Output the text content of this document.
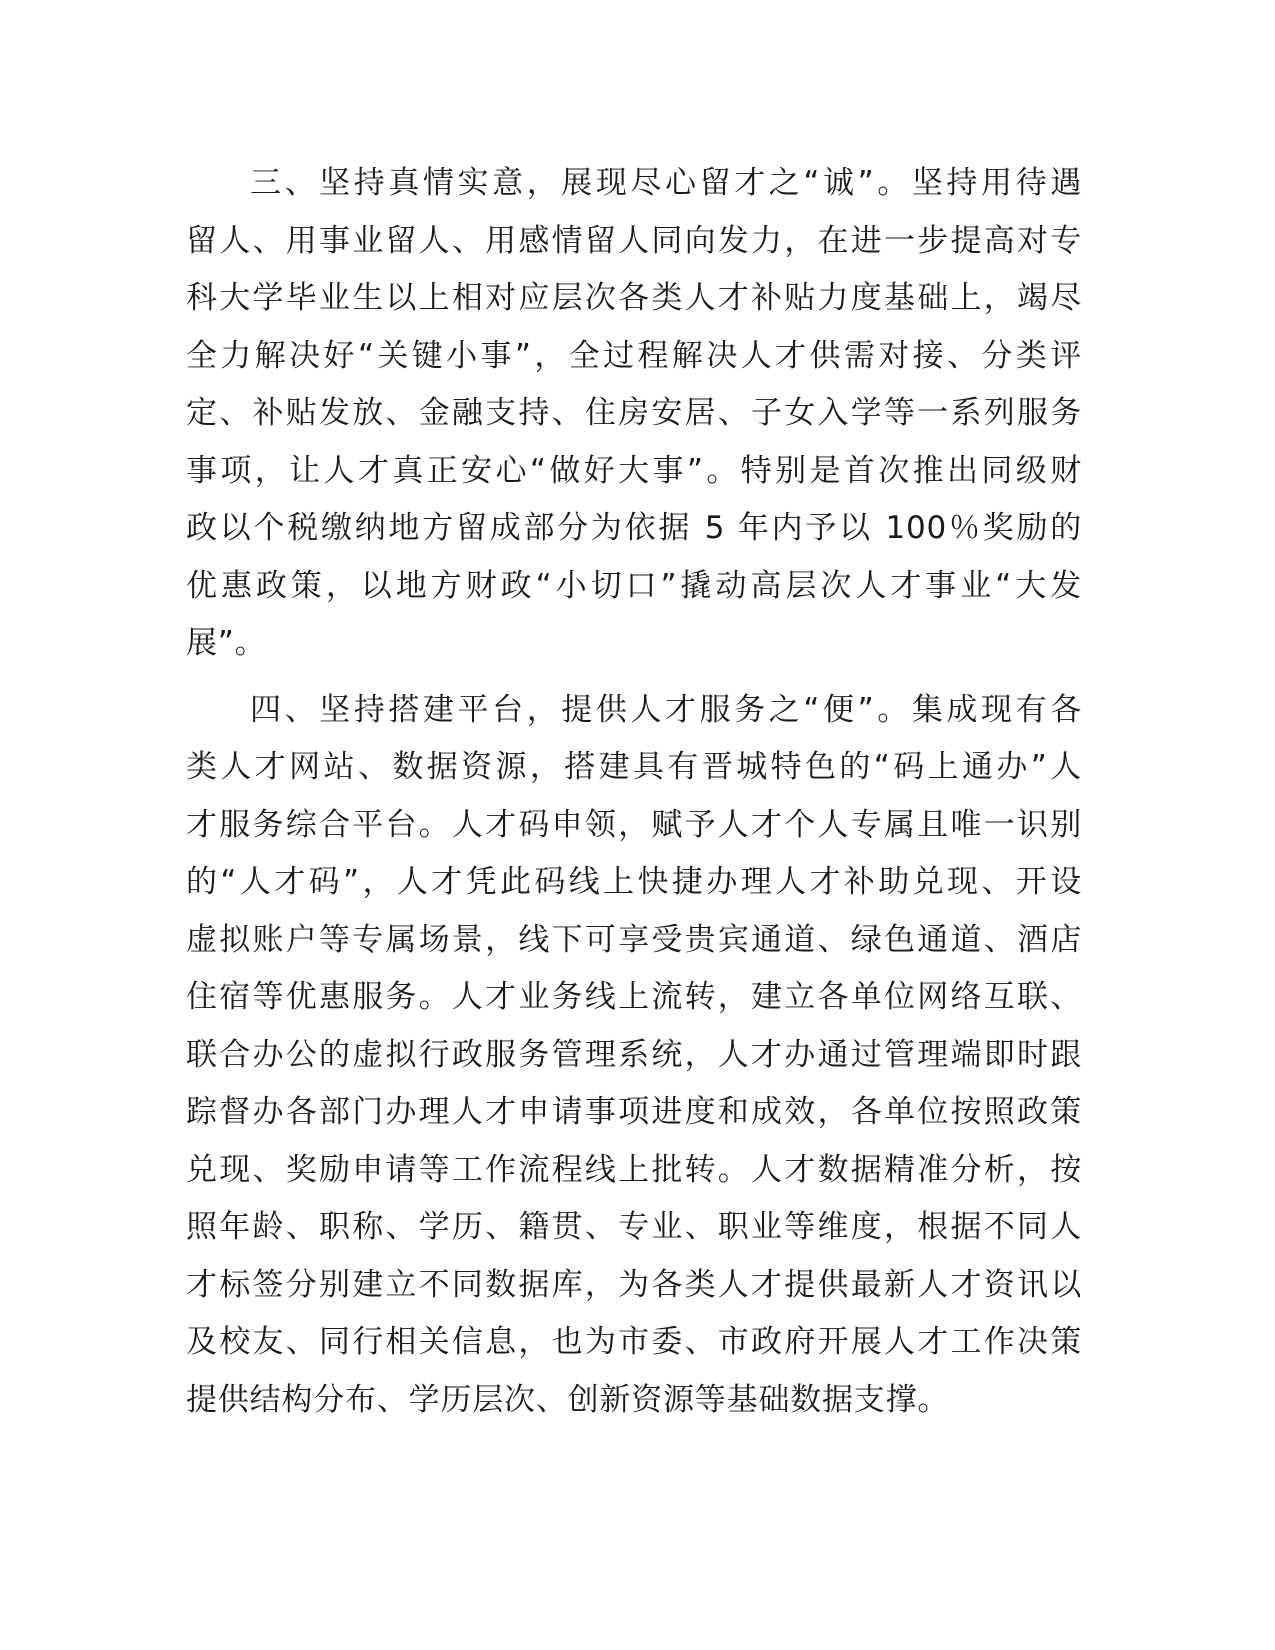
三、坚持真情实意，展现尽心留才之“诚”。坚持用待遇
留人、用事业留人、用感情留人同向发力，在进一步提高对专
科大学毕业生以上相对应层次各类人才补贴力度基础上，竭尽
全力解决好“关键小事”，全过程解决人才供需对接、分类评
定、补贴发放、金融支持、住房安居、子女入学等一系列服务
事项，让人才真正安心“做好大事”。特别是首次推出同级财
政以个税缴纳地方留成部分为依据 5 年内予以 100％奖励的
优惠政策，以地方财政“小切口”撬动高层次人才事业“大发
展”。

四、坚持搭建平台，提供人才服务之“便”。集成现有各
类人才网站、数据资源，搭建具有晋城特色的“码上通办”人
才服务综合平台。人才码申领，赋予人才个人专属且唯一识别
的“人才码”，人才凭此码线上快捷办理人才补助兑现、开设
虚拟账户等专属场景，线下可享受贵宾通道、绿色通道、酒店
住宿等优惠服务。人才业务线上流转，建立各单位网络互联、
联合办公的虚拟行政服务管理系统，人才办通过管理端即时跟
踪督办各部门办理人才申请事项进度和成效，各单位按照政策
兑现、奖励申请等工作流程线上批转。人才数据精准分析，按
照年龄、职称、学历、籍贯、专业、职业等维度，根据不同人
才标签分别建立不同数据库，为各类人才提供最新人才资讯以
及校友、同行相关信息，也为市委、市政府开展人才工作决策
提供结构分布、学历层次、创新资源等基础数据支撑。
